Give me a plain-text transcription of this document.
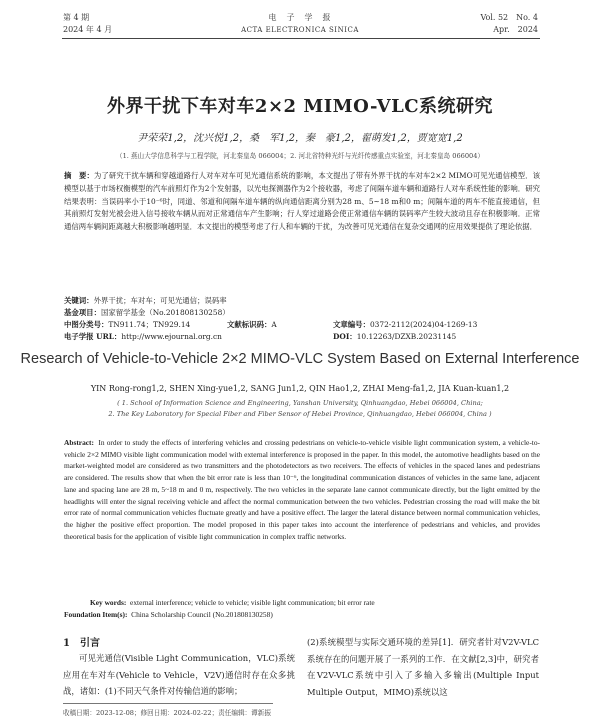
第 4 期
2024 年 4 月
电　子　学　报
ACTA ELECTRONICA SINICA
Vol. 52　No. 4
Apr.　2024
外界干扰下车对车2×2 MIMO-VLC系统研究
尹荣荣1,2，沈兴悦1,2，桑　军1,2，秦　豪1,2，翟萌发1,2，贾宽宽1,2
（1. 燕山大学信息科学与工程学院，河北秦皇岛 066004；2. 河北省特种光纤与光纤传感重点实验室，河北秦皇岛 066004）
摘　要：为了研究干扰车辆和穿越道路行人对车对车可见光通信系统的影响，本文提出了带有外界干扰的车对车2×2 MIMO可见光通信模型．该模型以基于市场权衡模型的汽车前照灯作为2个发射器，以光电探测器作为2个接收器，考虑了间隔车道车辆和道路行人对车系统性能的影响．研究结果表明：当误码率小于10⁻⁶时，同道、邻道和间隔车道车辆的纵向通信距离分别为28 m、5~18 m和0 m；间隔车道的两车不能直接通信，但其前照灯发射光被会进入信号接收车辆从而对正常通信车产生影响；行人穿过道路会使正常通信车辆的误码率产生较大波动且存在积极影响．正常通信两车辆间距离越大积极影响越明显．本文提出的模型考虑了行人和车辆的干扰，为改善可见光通信在复杂交通网的应用效果提供了理论依据．
关键词：外界干扰；车对车；可见光通信；误码率
基金项目：国家留学基金（No.201808130258）
中图分类号：TN911.74；TN929.14	文献标识码：A	文章编号：0372-2112(2024)04-1269-13
电子学报 URL：http://www.ejournal.org.cn	DOI：10.12263/DZXB.20231145
Research of Vehicle-to-Vehicle 2×2 MIMO-VLC System Based on External Interference
YIN Rong-rong1,2, SHEN Xing-yue1,2, SANG Jun1,2, QIN Hao1,2, ZHAI Meng-fa1,2, JIA Kuan-kuan1,2
( 1. School of Information Science and Engineering, Yanshan University, Qinhuangdao, Hebei 066004, China;
2. The Key Laboratory for Special Fiber and Fiber Sensor of Hebei Province, Qinhuangdao, Hebei 066004, China )
Abstract: In order to study the effects of interfering vehicles and crossing pedestrians on vehicle-to-vehicle visible light communication system, a vehicle-to-vehicle 2×2 MIMO visible light communication model with external interference is proposed in the paper. In this model, the automotive headlights based on the market-weighted model are considered as two transmitters and the photodetectors as two receivers. The effects of vehicles in the spaced lanes and pedestrians are considered. The results show that when the bit error rate is less than 10⁻⁶, the longitudinal communication distances of vehicles in the same lane, adjacent lane and spacing lane are 28 m, 5~18 m and 0 m, respectively. The two vehicles in the separate lane cannot communicate directly, but the light emitted by the headlights will enter the signal receiving vehicle and affect the normal communication between the two vehicles. Pedestrian crossing the road will make the bit error rate of normal communication vehicles fluctuate greatly and have a positive effect. The larger the lateral distance between normal communication vehicles, the higher the positive effect proportion. The model proposed in this paper takes into account the interference of pedestrians and vehicles, and provides theoretical basis for the application of visible light communication in complex traffic networks.
Key words: external interference; vehicle to vehicle; visible light communication; bit error rate
Foundation Item(s): China Scholarship Council (No.201808130258)
1　引言
可见光通信(Visible Light Communication，VLC)系统应用在车对车(Vehicle to Vehicle，V2V)通信时存在众多挑战，诸如：(1)不同天气条件对传输信道的影响；
(2)系统模型与实际交通环境的差异[1]．研究者针对V2V-VLC系统存在的问题开展了一系列的工作．在文献[2,3]中，研究者在V2V-VLC系统中引入了多输入多输出(Multiple Input Multiple Output，MIMO)系统以这
收稿日期：2023-12-08；修回日期：2024-02-22；责任编辑：谭新振
